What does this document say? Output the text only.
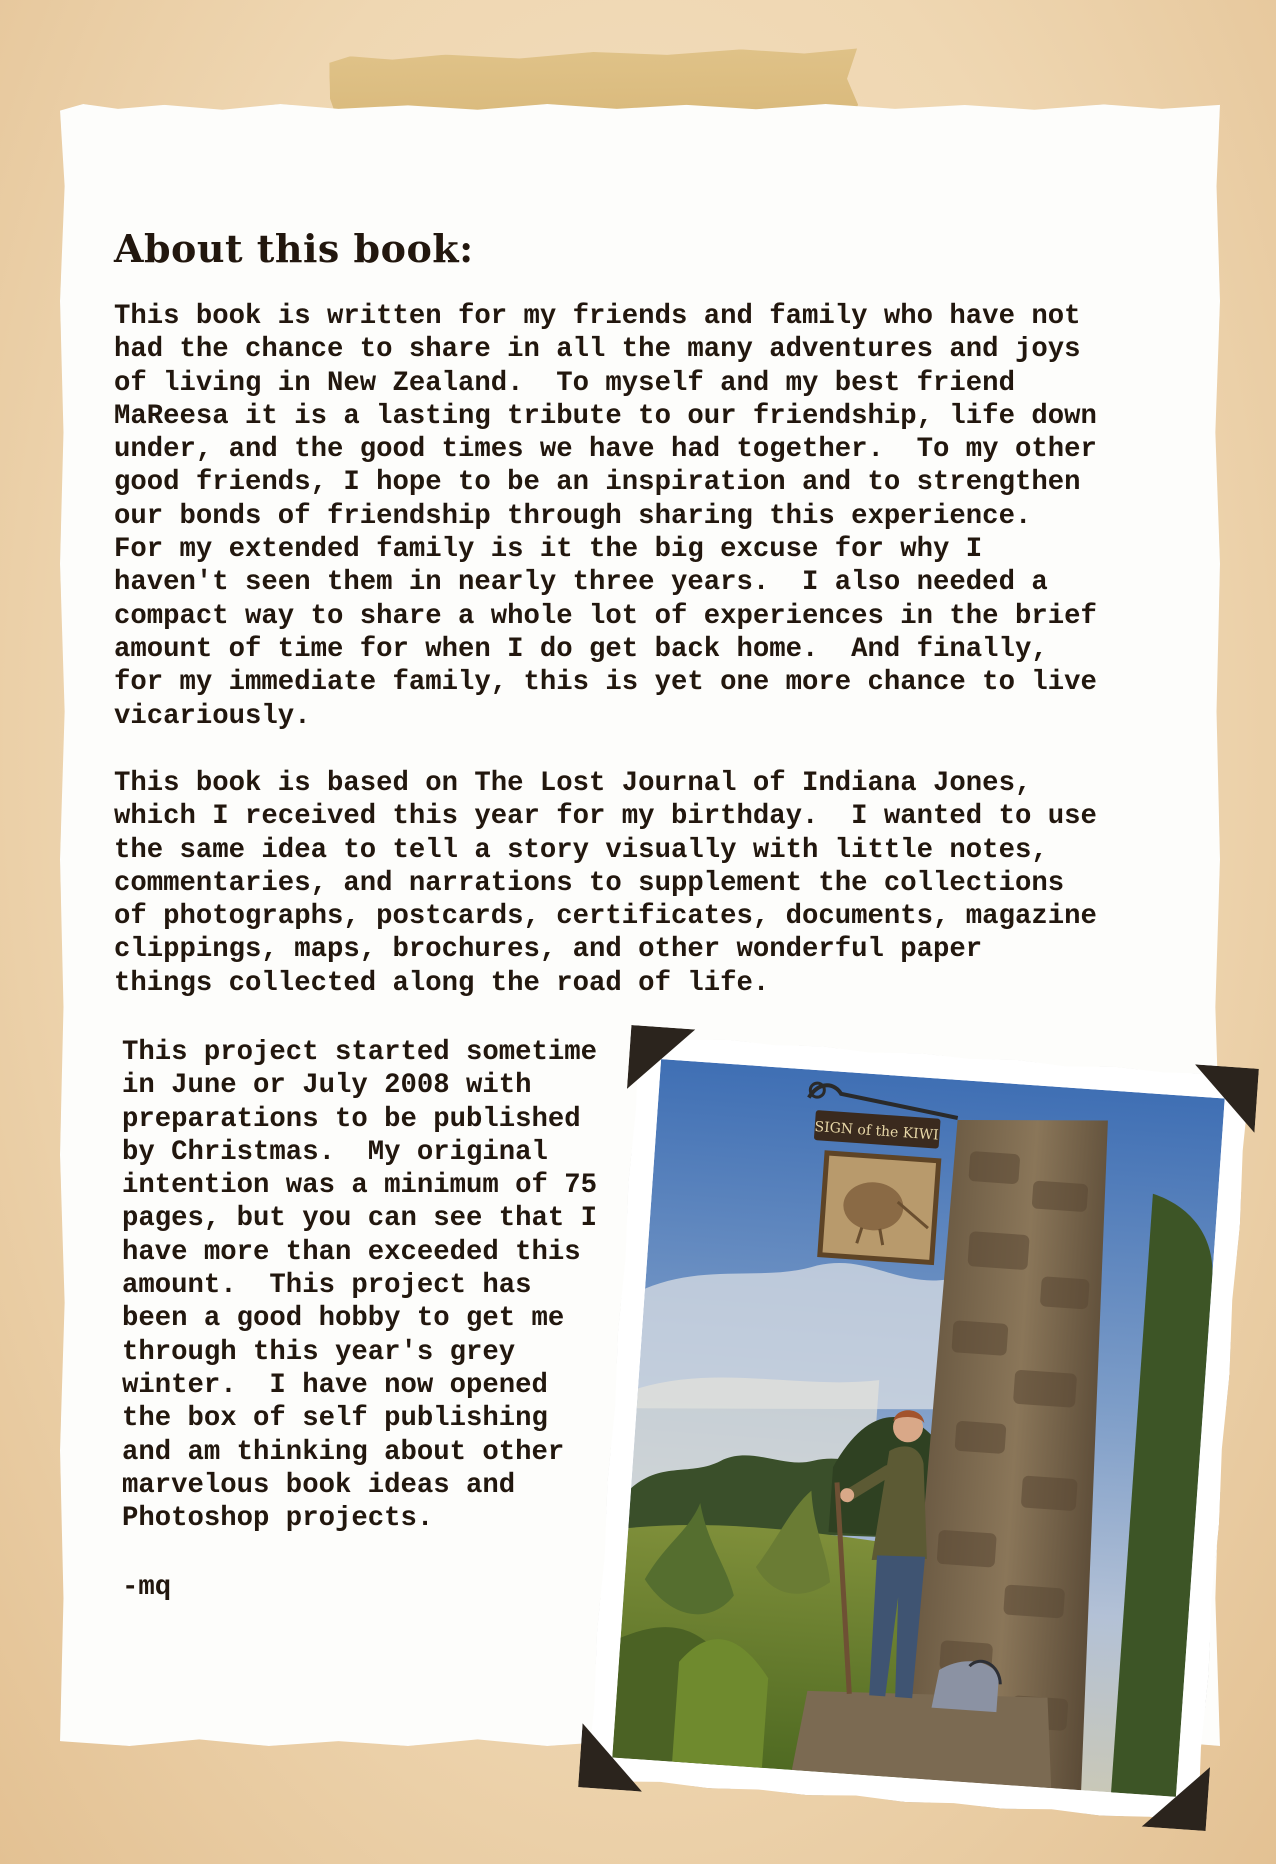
About this book:

This book is written for my friends and family who have not
had the chance to share in all the many adventures and joys
of living in New Zealand.  To myself and my best friend
MaReesa it is a lasting tribute to our friendship, life down
under, and the good times we have had together.  To my other
good friends, I hope to be an inspiration and to strengthen
our bonds of friendship through sharing this experience.
For my extended family is it the big excuse for why I
haven't seen them in nearly three years.  I also needed a
compact way to share a whole lot of experiences in the brief
amount of time for when I do get back home.  And finally,
for my immediate family, this is yet one more chance to live
vicariously.

This book is based on The Lost Journal of Indiana Jones,
which I received this year for my birthday.  I wanted to use
the same idea to tell a story visually with little notes,
commentaries, and narrations to supplement the collections
of photographs, postcards, certificates, documents, magazine
clippings, maps, brochures, and other wonderful paper
things collected along the road of life.

This project started sometime
in June or July 2008 with
preparations to be published
by Christmas.  My original
intention was a minimum of 75
pages, but you can see that I
have more than exceeded this
amount.  This project has
been a good hobby to get me
through this year's grey
winter.  I have now opened
the box of self publishing
and am thinking about other
marvelous book ideas and
Photoshop projects.

-mq

SIGN of the KIWI
